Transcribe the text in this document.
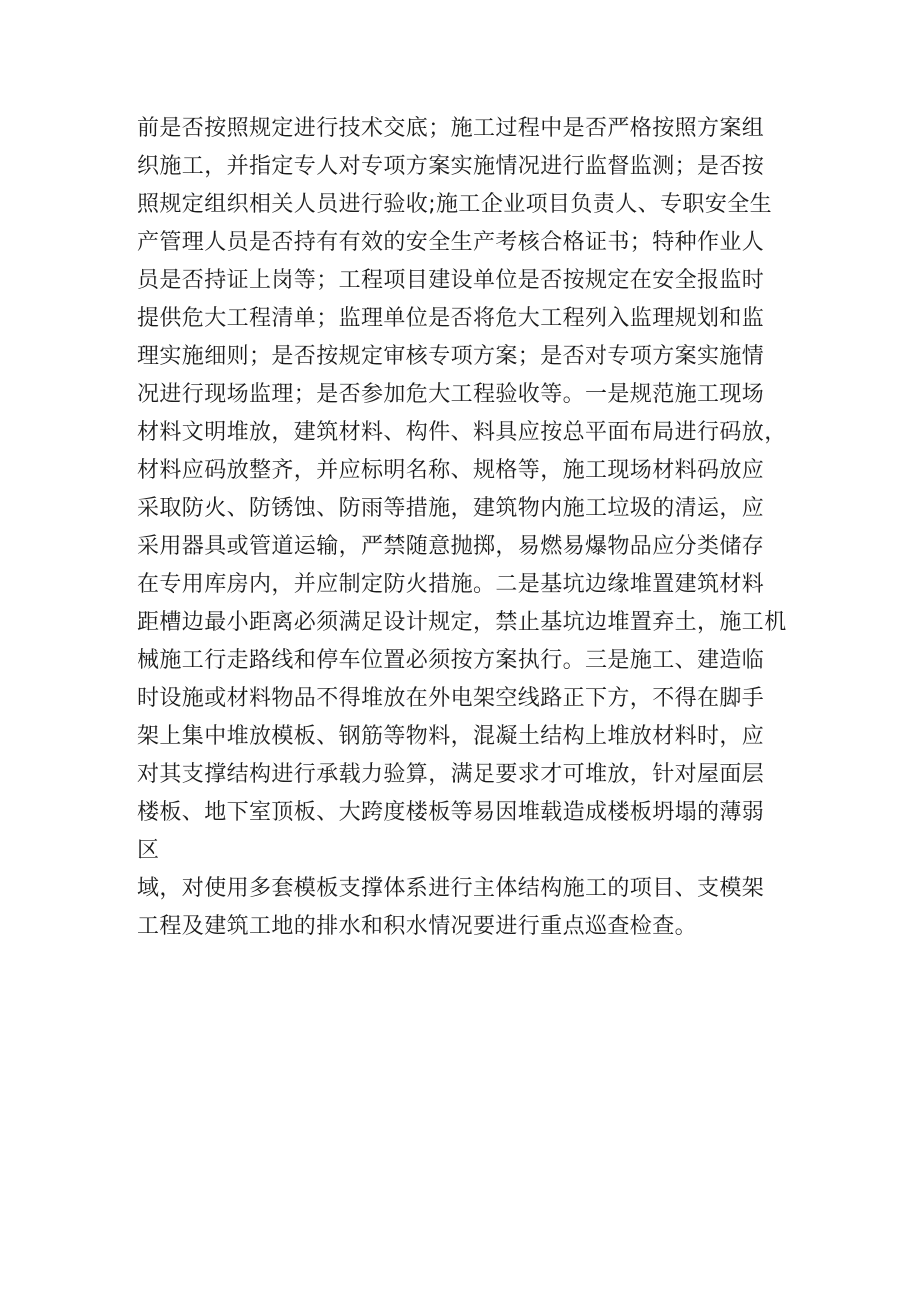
前是否按照规定进行技术交底；施工过程中是否严格按照方案组
织施工，并指定专人对专项方案实施情况进行监督监测；是否按
照规定组织相关人员进行验收;施工企业项目负责人、专职安全生
产管理人员是否持有有效的安全生产考核合格证书；特种作业人
员是否持证上岗等；工程项目建设单位是否按规定在安全报监时
提供危大工程清单；监理单位是否将危大工程列入监理规划和监
理实施细则；是否按规定审核专项方案；是否对专项方案实施情
况进行现场监理；是否参加危大工程验收等。一是规范施工现场
材料文明堆放，建筑材料、构件、料具应按总平面布局进行码放，
材料应码放整齐，并应标明名称、规格等，施工现场材料码放应
采取防火、防锈蚀、防雨等措施，建筑物内施工垃圾的清运，应
采用器具或管道运输，严禁随意抛掷，易燃易爆物品应分类储存
在专用库房内，并应制定防火措施。二是基坑边缘堆置建筑材料
距槽边最小距离必须满足设计规定，禁止基坑边堆置弃土，施工机
械施工行走路线和停车位置必须按方案执行。三是施工、建造临
时设施或材料物品不得堆放在外电架空线路正下方，不得在脚手
架上集中堆放模板、钢筋等物料，混凝土结构上堆放材料时，应
对其支撑结构进行承载力验算，满足要求才可堆放，针对屋面层
楼板、地下室顶板、大跨度楼板等易因堆载造成楼板坍塌的薄弱
区
域，对使用多套模板支撑体系进行主体结构施工的项目、支模架
工程及建筑工地的排水和积水情况要进行重点巡查检查。
